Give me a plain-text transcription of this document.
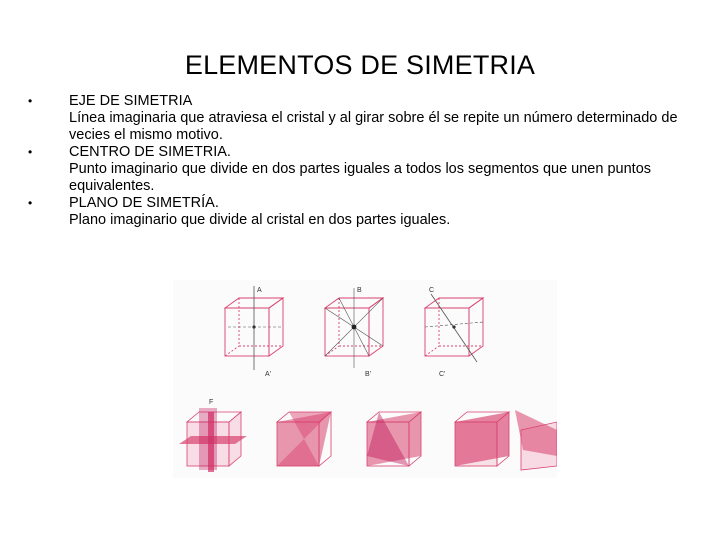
ELEMENTOS DE SIMETRIA
•	EJE DE SIMETRIA
Línea imaginaria que atraviesa el cristal y al girar sobre él se repite un número determinado de vecies el mismo motivo.
•	CENTRO DE SIMETRIA.
Punto imaginario que divide en dos partes iguales a todos los segmentos que unen puntos equivalentes.
•	PLANO DE SIMETRÍA.
Plano imaginario que divide al cristal en dos partes iguales.
A
A'
B
B'
C
C'
F
